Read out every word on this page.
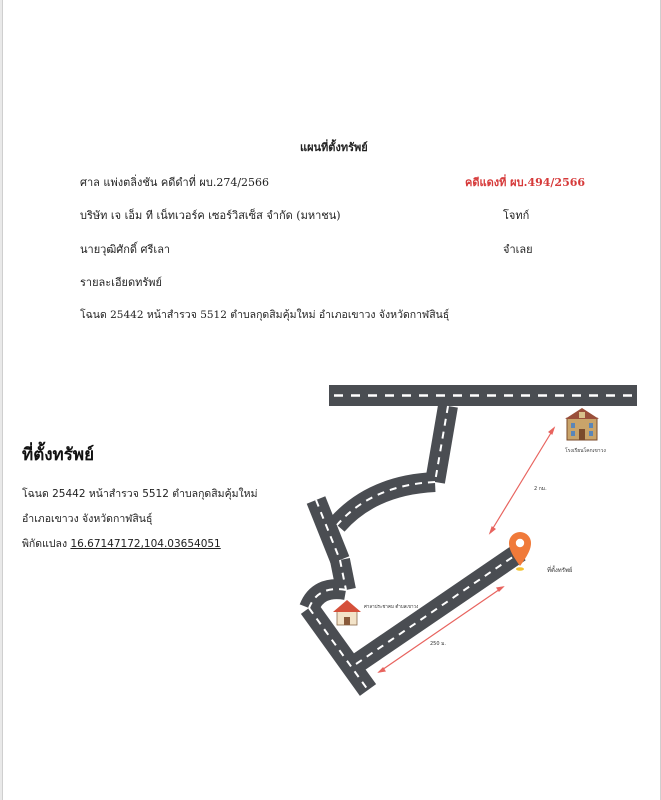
แผนที่ตั้งทรัพย์
ศาล แพ่งตลิ่งชัน คดีดำที่ ผบ.274/2566	คดีแดงที่ ผบ.494/2566
บริษัท เจ เอ็ม ที เน็ทเวอร์ค เซอร์วิสเซ็ส จำกัด (มหาชน)	โจทก์
นายวุฒิศักดิ์ ศรีเลา	จำเลย
รายละเอียดทรัพย์
โฉนด 25442 หน้าสำรวจ 5512 ตำบลกุดสิมคุ้มใหม่ อำเภอเขาวง จังหวัดกาฬสินธุ์
ที่ตั้งทรัพย์
โฉนด 25442 หน้าสำรวจ 5512 ตำบลกุดสิมคุ้มใหม่
อำเภอเขาวง จังหวัดกาฬสินธุ์
พิกัดแปลง 16.67147172,104.03654051
โรงเรียนโคกเขาวง
2 กม.
ที่ตั้งทรัพย์
ศาลาประชาคม ตำบลเขาวง
250 ม.
